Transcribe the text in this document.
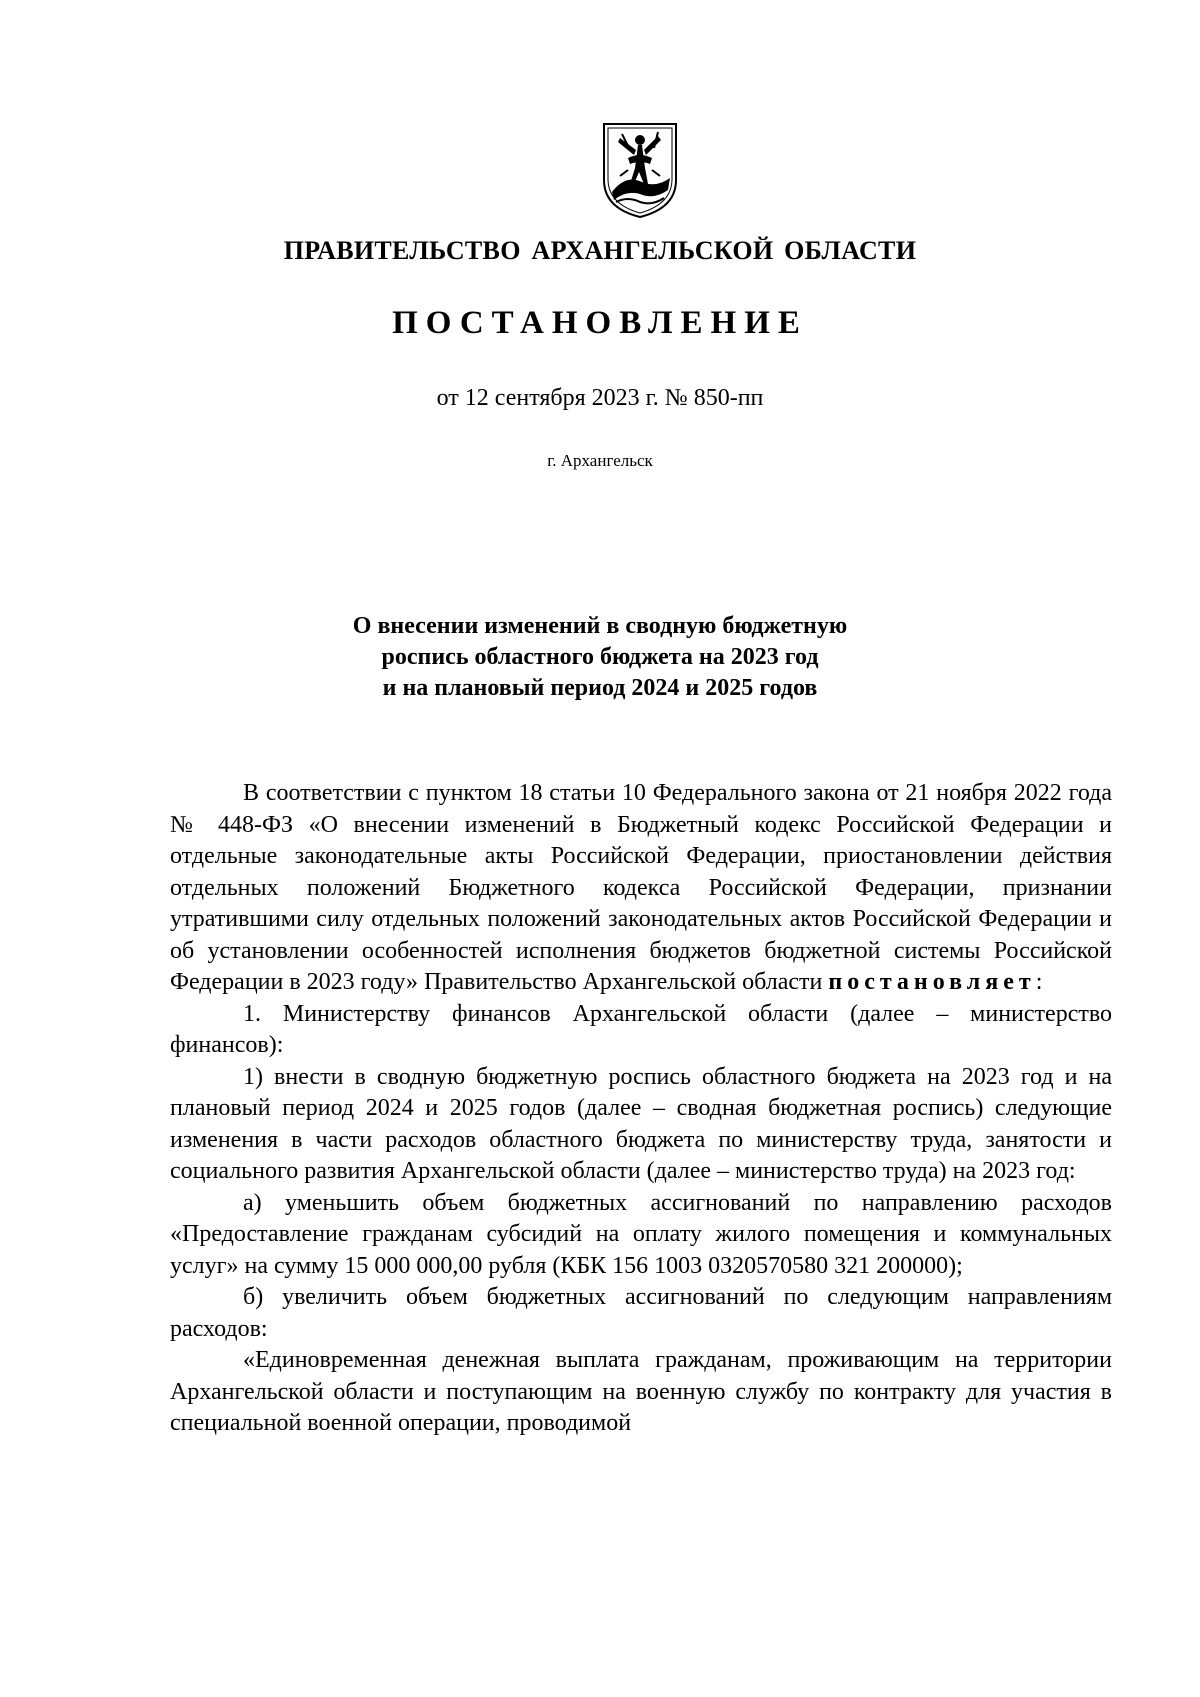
ПРАВИТЕЛЬСТВО АРХАНГЕЛЬСКОЙ ОБЛАСТИ
ПОСТАНОВЛЕНИЕ

от 12 сентября 2023 г. № 850-пп

г. Архангельск

О внесении изменений в сводную бюджетную
роспись областного бюджета на 2023 год
и на плановый период 2024 и 2025 годов

В соответствии с пунктом 18 статьи 10 Федерального закона от 21 ноября 2022 года № 448-ФЗ «О внесении изменений в Бюджетный кодекс Российской Федерации и отдельные законодательные акты Российской Федерации, приостановлении действия отдельных положений Бюджетного кодекса Российской Федерации, признании утратившими силу отдельных положений законодательных актов Российской Федерации и об установлении особенностей исполнения бюджетов бюджетной системы Российской Федерации в 2023 году» Правительство Архангельской области постановляет:

1. Министерству финансов Архангельской области (далее – министерство финансов):

1) внести в сводную бюджетную роспись областного бюджета на 2023 год и на плановый период 2024 и 2025 годов (далее – сводная бюджетная роспись) следующие изменения в части расходов областного бюджета по министерству труда, занятости и социального развития Архангельской области (далее – министерство труда) на 2023 год:

а) уменьшить объем бюджетных ассигнований по направлению расходов «Предоставление гражданам субсидий на оплату жилого помещения и коммунальных услуг» на сумму 15 000 000,00 рубля (КБК 156 1003 0320570580 321 200000);

б) увеличить объем бюджетных ассигнований по следующим направлениям расходов:

«Единовременная денежная выплата гражданам, проживающим на территории Архангельской области и поступающим на военную службу по контракту для участия в специальной военной операции, проводимой
